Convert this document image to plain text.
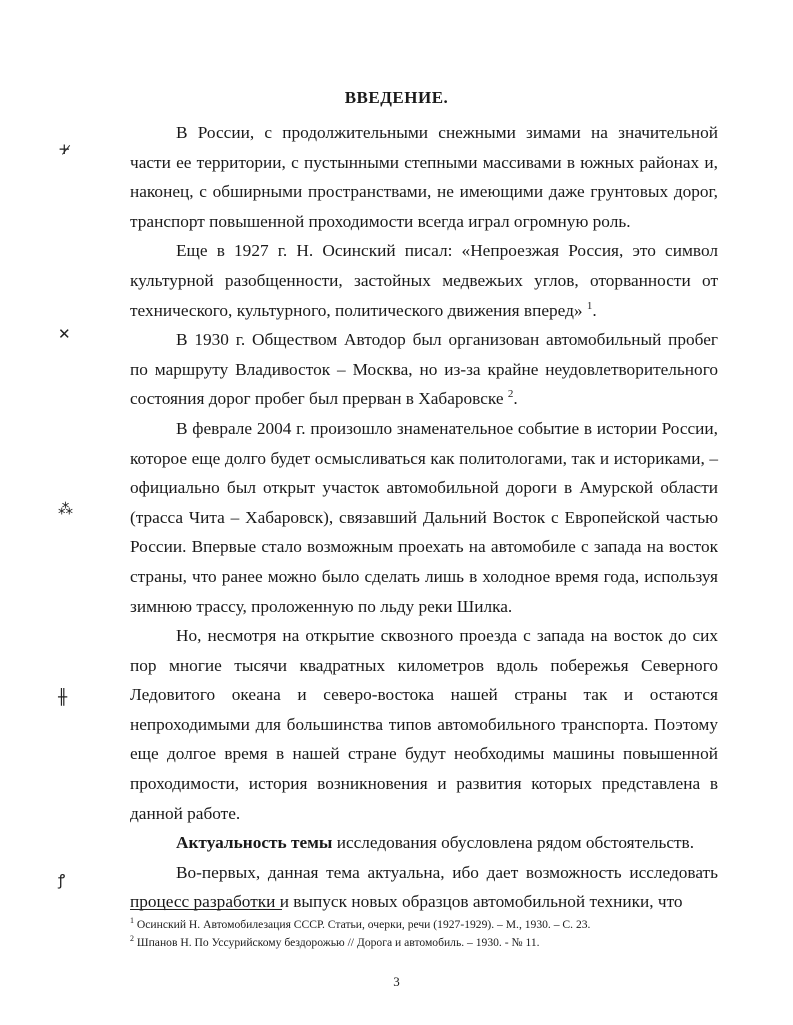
ВВЕДЕНИЕ.

В России, с продолжительными снежными зимами на значительной части ее территории, с пустынными степными массивами в южных районах и, наконец, с обширными пространствами, не имеющими даже грунтовых дорог, транспорт повышенной проходимости всегда играл огромную роль.

Еще в 1927 г. Н. Осинский писал: «Непроезжая Россия, это символ культурной разобщенности, застойных медвежьих углов, оторванности от технического, культурного, политического движения вперед» $^1$.

В 1930 г. Обществом Автодор был организован автомобильный пробег по маршруту Владивосток – Москва, но из-за крайне неудовлетворительного состояния дорог пробег был прерван в Хабаровске $^2$.

В феврале 2004 г. произошло знаменательное событие в истории России, которое еще долго будет осмысливаться как политологами, так и историками, – официально был открыт участок автомобильной дороги в Амурской области (трасса Чита – Хабаровск), связавший Дальний Восток с Европейской частью России. Впервые стало возможным проехать на автомобиле с запада на восток страны, что ранее можно было сделать лишь в холодное время года, используя зимнюю трассу, проложенную по льду реки Шилка.

Но, несмотря на открытие сквозного проезда с запада на восток до сих пор многие тысячи квадратных километров вдоль побережья Северного Ледовитого океана и северо-востока нашей страны так и остаются непроходимыми для большинства типов автомобильного транспорта. Поэтому еще долгое время в нашей стране будут необходимы машины повышенной проходимости, история возникновения и развития которых представлена в данной работе.

Актуальность темы исследования обусловлена рядом обстоятельств.

Во-первых, данная тема актуальна, ибо дает возможность исследовать процесс разработки и выпуск новых образцов автомобильной техники, что

$^1$ Осинский Н. Автомобилезация СССР. Статьи, очерки, речи (1927-1929). – М., 1930. – С. 23.
$^2$ Шпанов Н. По Уссурийскому бездорожью // Дорога и автомобиль. – 1930. - № 11.
3
+̷
✕
⁂
╫
ꝭ
